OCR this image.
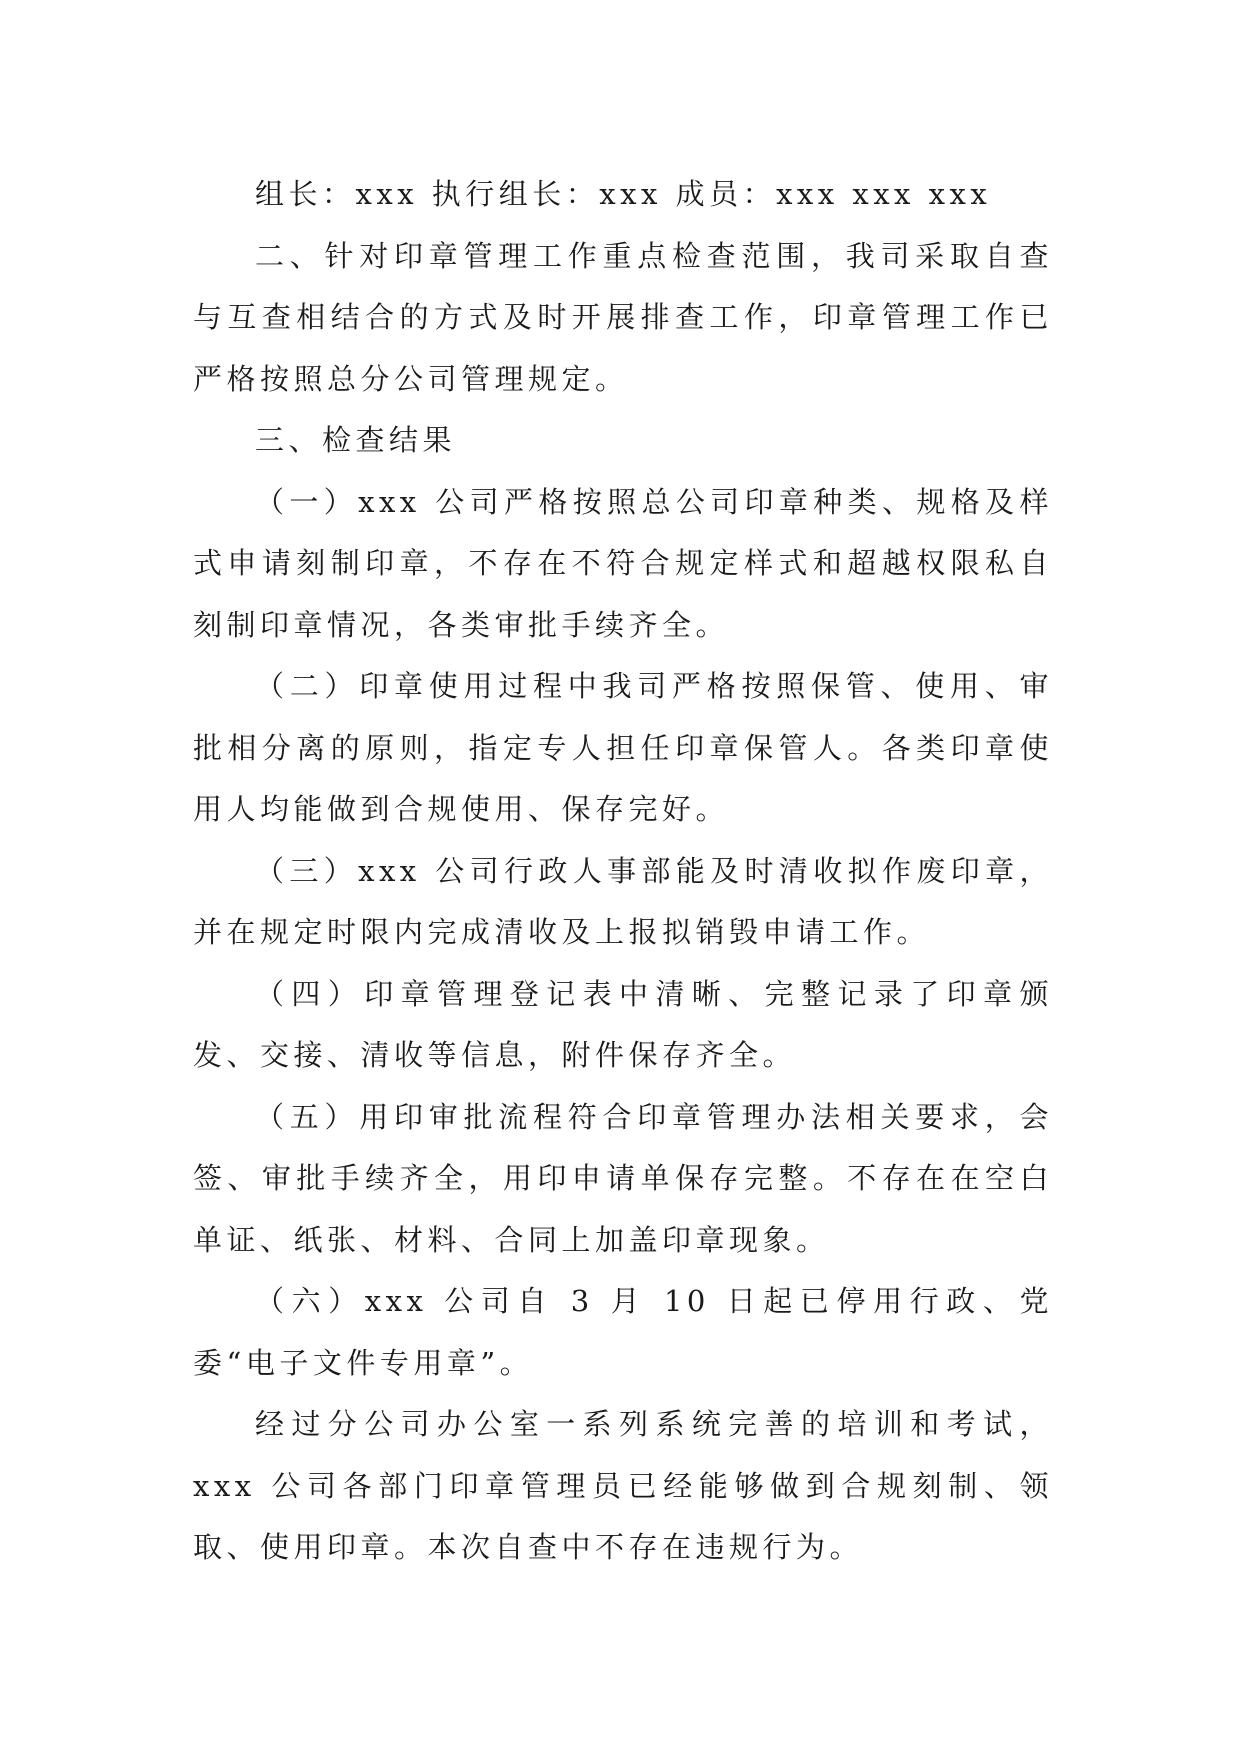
组长：xxx 执行组长：xxx 成员：xxx xxx xxx

二、针对印章管理工作重点检查范围，我司采取自查与互查相结合的方式及时开展排查工作，印章管理工作已严格按照总分公司管理规定。

三、检查结果

（一）xxx 公司严格按照总公司印章种类、规格及样式申请刻制印章，不存在不符合规定样式和超越权限私自刻制印章情况，各类审批手续齐全。

（二）印章使用过程中我司严格按照保管、使用、审批相分离的原则，指定专人担任印章保管人。各类印章使用人均能做到合规使用、保存完好。

（三）xxx 公司行政人事部能及时清收拟作废印章，并在规定时限内完成清收及上报拟销毁申请工作。

（四）印章管理登记表中清晰、完整记录了印章颁发、交接、清收等信息，附件保存齐全。

（五）用印审批流程符合印章管理办法相关要求，会签、审批手续齐全，用印申请单保存完整。不存在在空白单证、纸张、材料、合同上加盖印章现象。

（六）xxx 公司自 3 月 10 日起已停用行政、党委“电子文件专用章”。

经过分公司办公室一系列系统完善的培训和考试，xxx 公司各部门印章管理员已经能够做到合规刻制、领取、使用印章。本次自查中不存在违规行为。
